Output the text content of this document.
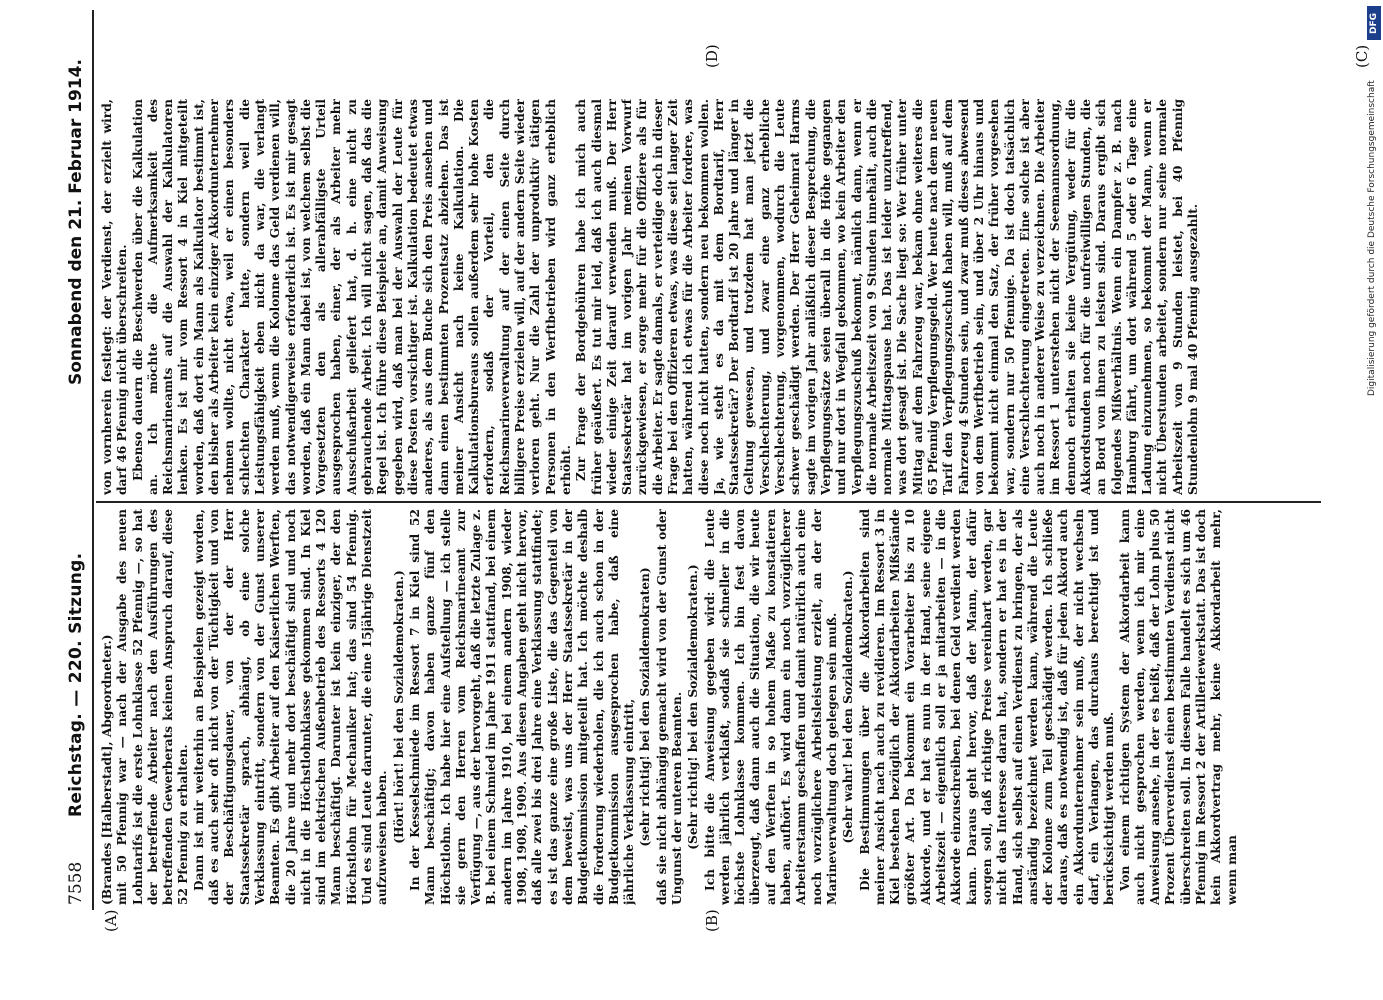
7558
Reichstag. — 220. Sitzung.
Sonnabend den 21. Februar 1914.
(A)	(B)
(C)
(D)

(Brandes [Halberstadt], Abgeordneter.) mit 50 Pfennig war — nach der Ausgabe des neuen Lohntarifs ist die erste Lohnklasse 52 Pfennig —, so hat der betreffende Arbeiter nach den Ausführungen des betreffenden Gewerberats keinen Anspruch darauf, diese 52 Pfennig zu erhalten. Dann ist mir weiterhin an Beispielen gezeigt worden, daß es auch sehr oft nicht von der Tüchtigkeit und von der Beschäftigungsdauer, von der der Herr Staatssekretär sprach, abhängt, ob eine solche Verklassung eintritt, sondern von der Gunst unserer Beamten. Es gibt Arbeiter auf den Kaiserlichen Werften, die 20 Jahre und mehr dort beschäftigt sind und noch nicht in die Höchstlohnklasse gekommen sind. In Kiel sind im elektrischen Außenbetrieb des Ressorts 4 120 Mann beschäftigt. Darunter ist kein einziger, der den Höchstlohn für Mechaniker hat; das sind 54 Pfennig. Und es sind Leute darunter, die eine 15jährige Dienstzeit aufzuweisen haben. (Hört! hört! bei den Sozialdemokraten.) In der Kesselschmiede im Ressort 7 in Kiel sind 52 Mann beschäftigt; davon haben ganze fünf den Höchstlohn. Ich habe hier eine Aufstellung — ich stelle sie gern den Herren vom Reichsmarineamt zur Verfügung —, aus der hervorgeht, daß die letzte Zulage z. B. bei einem Schmied im Jahre 1911 stattfand, bei einem andern im Jahre 1910, bei einem andern 1908, wieder 1908, 1908, 1909. Aus diesen Angaben geht nicht hervor, daß alle zwei bis drei Jahre eine Verklassung stattfindet; es ist das ganze eine große Liste, die das Gegenteil von dem beweist, was uns der Herr Staatssekretär in der Budgetkommission mitgeteilt hat. Ich möchte deshalb die Forderung wiederholen, die ich auch schon in der Budgetkommission ausgesprochen habe, daß eine jährliche Verklassung eintritt, (sehr richtig! bei den Sozialdemokraten) daß sie nicht abhängig gemacht wird von der Gunst oder Ungunst der unteren Beamten. (Sehr richtig! bei den Sozialdemokraten.) Ich bitte die Anweisung gegeben wird: die Leute werden jährlich verklaßt, sodaß sie schneller in die höchste Lohnklasse kommen. Ich bin fest davon überzeugt, daß dann auch die Situation, die wir heute auf den Werften in so hohem Maße zu konstatieren haben, aufhört. Es wird dann ein noch vorzüglicherer Arbeiterstamm geschaffen und damit natürlich auch eine noch vorzüglichere Arbeitsleistung erzielt, an der der Marineverwaltung doch gelegen sein muß. (Sehr wahr! bei den Sozialdemokraten.) Die Bestimmungen über die Akkordarbeiten sind meiner Ansicht nach auch zu revidieren. Im Ressort 3 in Kiel bestehen bezüglich der Akkordarbeiten Mißstände größter Art. Da bekommt ein Vorarbeiter bis zu 10 Akkorde, und er hat es nun in der Hand, seine eigene Arbeitszeit — eigentlich soll er ja mitarbeiten — in die Akkorde einzuschreiben, bei denen Geld verdient werden kann. Daraus geht hervor, daß der Mann, der dafür sorgen soll, daß richtige Preise vereinbart werden, gar nicht das Interesse daran hat, sondern er hat es in der Hand, sich selbst auf einen Verdienst zu bringen, der als anständig bezeichnet werden kann, während die Leute der Kolonne zum Teil geschädigt werden. Ich schließe daraus, daß es notwendig ist, daß für jeden Akkord auch ein Akkordunternehmer sein muß, der nicht wechseln darf, ein Verlangen, das durchaus berechtigt ist und berücksichtigt werden muß. Von einem richtigen System der Akkordarbeit kann auch nicht gesprochen werden, wenn ich mir eine Anweisung ansehe, in der es heißt, daß der Lohn plus 50 Prozent Überverdienst einen bestimmten Verdienst nicht überschreiten soll. In diesem Falle handelt es sich um 46 Pfennig im Ressort 2 der Artilleriewerkstatt. Das ist doch kein Akkordvertrag mehr, keine Akkordarbeit mehr, wenn man

von vornherein festlegt: der Verdienst, der erzielt wird, darf 46 Pfennig nicht überschreiten. Ebenso dauern die Beschwerden über die Kalkulation an. Ich möchte die Aufmerksamkeit des Reichsmarineamts auf die Auswahl der Kalkulatoren lenken. Es ist mir vom Ressort 4 in Kiel mitgeteilt worden, daß dort ein Mann als Kalkulator bestimmt ist, den bisher als Arbeiter kein einziger Akkordunternehmer nehmen wollte, nicht etwa, weil er einen besonders schlechten Charakter hatte, sondern weil die Leistungsfähigkeit eben nicht da war, die verlangt werden muß, wenn die Kolonne das Geld verdienen will, das notwendigerweise erforderlich ist. Es ist mir gesagt worden, daß ein Mann dabei ist, von welchem selbst die Vorgesetzten den als allerabfälligste Urteil ausgesprochen haben, einer, der als Arbeiter mehr Ausschußarbeit geliefert hat, d. h. eine nicht zu gebrauchende Arbeit. Ich will nicht sagen, daß das die Regel ist. Ich führe diese Beispiele an, damit Anweisung gegeben wird, daß man bei der Auswahl der Leute für diese Posten vorsichtiger ist. Kalkulation bedeutet etwas anderes, als aus dem Buche sich den Preis ansehen und dann einen bestimmten Prozentsatz abziehen. Das ist meiner Ansicht nach keine Kalkulation. Die Kalkulationsbureaus sollen außerdem sehr hohe Kosten erfordern, sodaß der Vorteil, den die Reichsmarineverwaltung auf der einen Seite durch billigere Preise erzielen will, auf der andern Seite wieder verloren geht. Nur die Zahl der unproduktiv tätigen Personen in den Werftbetrieben wird ganz erheblich erhöht. Zur Frage der Bordgebühren habe ich mich auch früher geäußert. Es tut mir leid, daß ich auch diesmal wieder einige Zeit darauf verwenden muß. Der Herr Staatssekretär hat im vorigen Jahr meinen Vorwurf zurückgewiesen, er sorge mehr für die Offiziere als für die Arbeiter. Er sagte damals, er verteidige doch in dieser Frage bei den Offizieren etwas, was diese seit langer Zeit hatten, während ich etwas für die Arbeiter fordere, was diese noch nicht hatten, sondern neu bekommen wollen. Ja, wie steht es da mit dem Bordtarif, Herr Staatssekretär? Der Bordtarif ist 20 Jahre und länger in Geltung gewesen, und trotzdem hat man jetzt die Verschlechterung, und zwar eine ganz erhebliche Verschlechterung, vorgenommen, wodurch die Leute schwer geschädigt werden. Der Herr Geheimrat Harms sagte im vorigen Jahr anläßlich dieser Besprechung, die Verpflegungssätze seien überall in die Höhe gegangen und nur dort in Wegfall gekommen, wo kein Arbeiter den Verpflegungszuschuß bekommt, nämlich dann, wenn er die normale Arbeitszeit von 9 Stunden innehält, auch die normale Mittagspause hat. Das ist leider unzutreffend, was dort gesagt ist. Die Sache liegt so: Wer früher unter Mittag auf dem Fahrzeug war, bekam ohne weiteres die 65 Pfennig Verpflegungsgeld. Wer heute nach dem neuen Tarif den Verpflegungszuschuß haben will, muß auf dem Fahrzeug 4 Stunden sein, und zwar muß dieses abwesend von dem Werftbetrieb sein, und über 2 Uhr hinaus und bekommt nicht einmal den Satz, der früher vorgesehen war, sondern nur 50 Pfennige. Da ist doch tatsächlich eine Verschlechterung eingetreten. Eine solche ist aber auch noch in anderer Weise zu verzeichnen. Die Arbeiter im Ressort 1 unterstehen nicht der Seemannsordnung, dennoch erhalten sie keine Vergütung, weder für die Akkordstunden noch für die unfreiwilligen Stunden, die an Bord von ihnen zu leisten sind. Daraus ergibt sich folgendes Mißverhältnis. Wenn ein Dampfer z. B. nach Hamburg fährt, um dort während 5 oder 6 Tage eine Ladung einzunehmen, so bekommt der Mann, wenn er nicht Überstunden arbeitet, sondern nur seine normale Arbeitszeit von 9 Stunden leistet, bei 40 Pfennig Stundenlohn 9 mal 40 Pfennig ausgezahlt.

DFG
Digitalisierung gefördert durch die Deutsche Forschungsgemeinschaft
